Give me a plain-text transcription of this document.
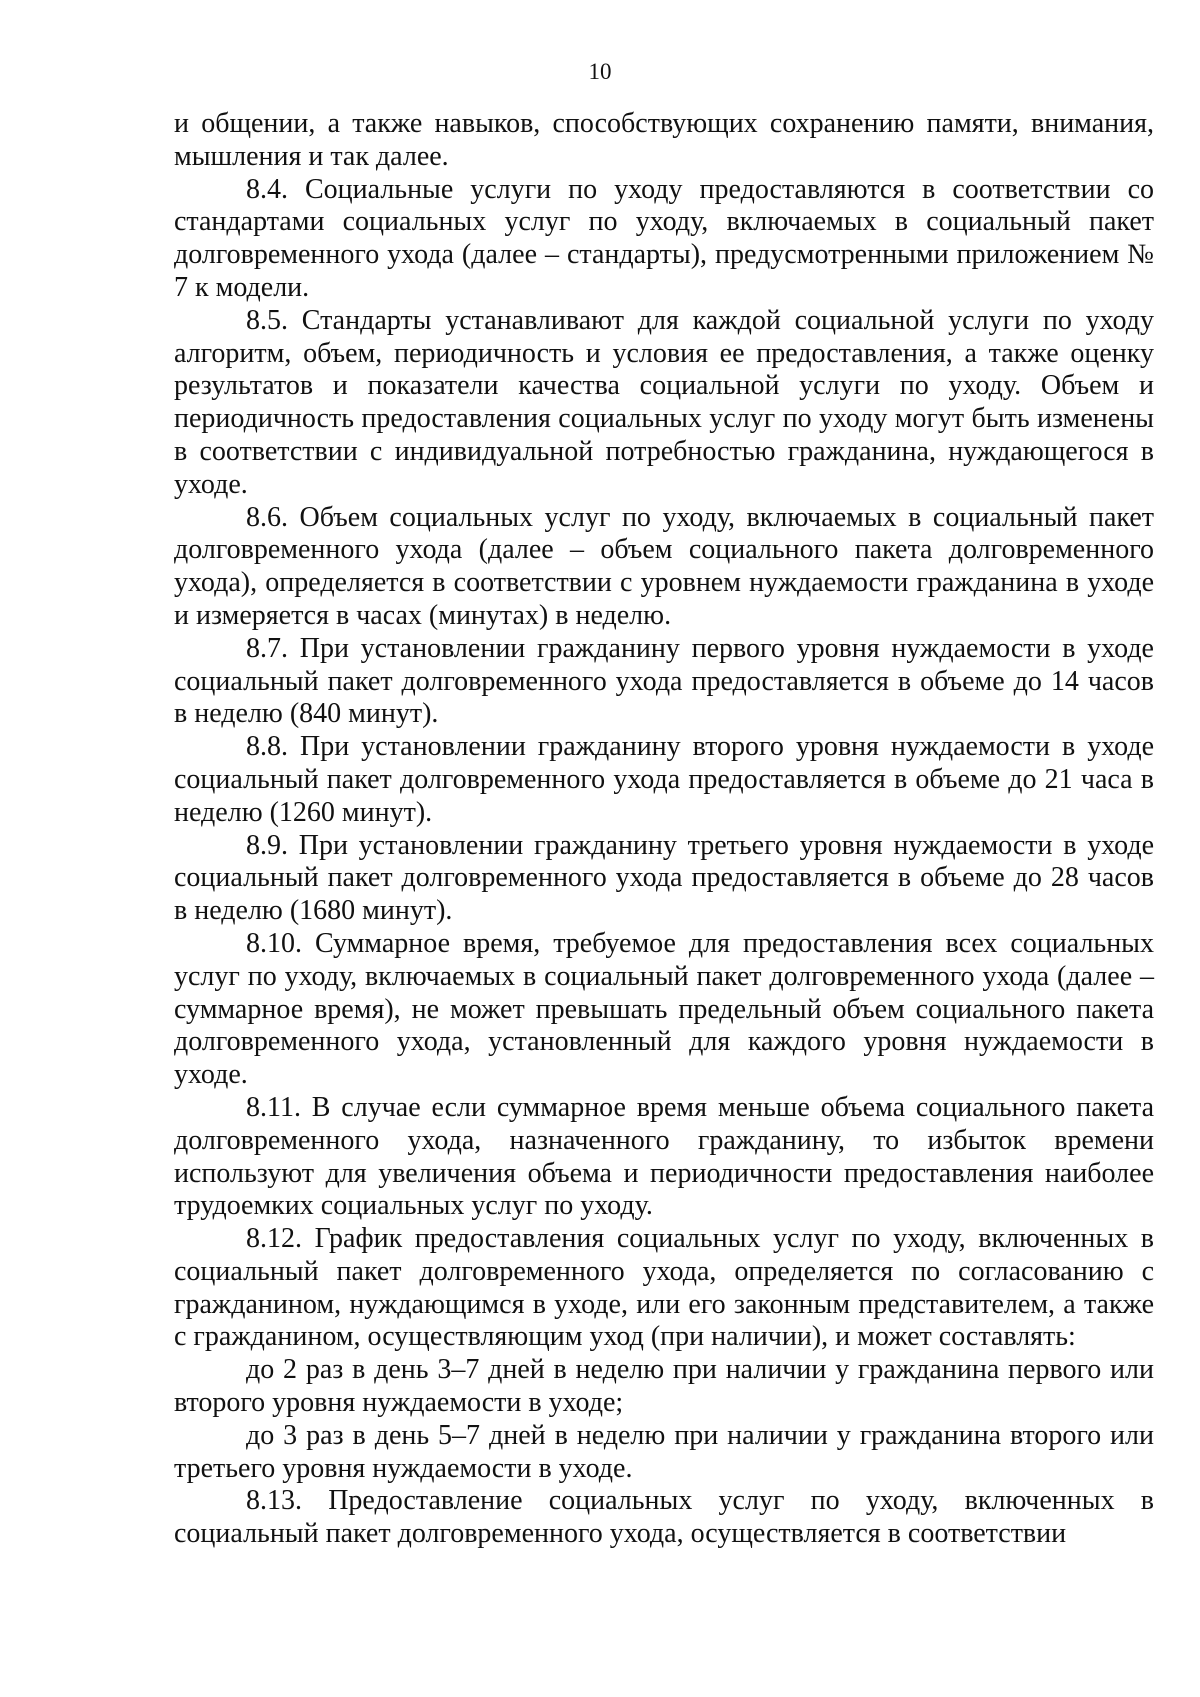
10

и общении, а также навыков, способствующих сохранению памяти, внимания, мышления и так далее.

8.4. Социальные услуги по уходу предоставляются в соответствии со стандартами социальных услуг по уходу, включаемых в социальный пакет долговременного ухода (далее – стандарты), предусмотренными приложением № 7 к модели.

8.5. Стандарты устанавливают для каждой социальной услуги по уходу алгоритм, объем, периодичность и условия ее предоставления, а также оценку результатов и показатели качества социальной услуги по уходу. Объем и периодичность предоставления социальных услуг по уходу могут быть изменены в соответствии с индивидуальной потребностью гражданина, нуждающегося в уходе.

8.6. Объем социальных услуг по уходу, включаемых в социальный пакет долговременного ухода (далее – объем социального пакета долговременного ухода), определяется в соответствии с уровнем нуждаемости гражданина в уходе и измеряется в часах (минутах) в неделю.

8.7. При установлении гражданину первого уровня нуждаемости в уходе социальный пакет долговременного ухода предоставляется в объеме до 14 часов в неделю (840 минут).

8.8. При установлении гражданину второго уровня нуждаемости в уходе социальный пакет долговременного ухода предоставляется в объеме до 21 часа в неделю (1260 минут).

8.9. При установлении гражданину третьего уровня нуждаемости в уходе социальный пакет долговременного ухода предоставляется в объеме до 28 часов в неделю (1680 минут).

8.10. Суммарное время, требуемое для предоставления всех социальных услуг по уходу, включаемых в социальный пакет долговременного ухода (далее – суммарное время), не может превышать предельный объем социального пакета долговременного ухода, установленный для каждого уровня нуждаемости в уходе.

8.11. В случае если суммарное время меньше объема социального пакета долговременного ухода, назначенного гражданину, то избыток времени используют для увеличения объема и периодичности предоставления наиболее трудоемких социальных услуг по уходу.

8.12. График предоставления социальных услуг по уходу, включенных в социальный пакет долговременного ухода, определяется по согласованию с гражданином, нуждающимся в уходе, или его законным представителем, а также с гражданином, осуществляющим уход (при наличии), и может составлять:

до 2 раз в день 3–7 дней в неделю при наличии у гражданина первого или второго уровня нуждаемости в уходе;

до 3 раз в день 5–7 дней в неделю при наличии у гражданина второго или третьего уровня нуждаемости в уходе.

8.13. Предоставление социальных услуг по уходу, включенных в социальный пакет долговременного ухода, осуществляется в соответствии
